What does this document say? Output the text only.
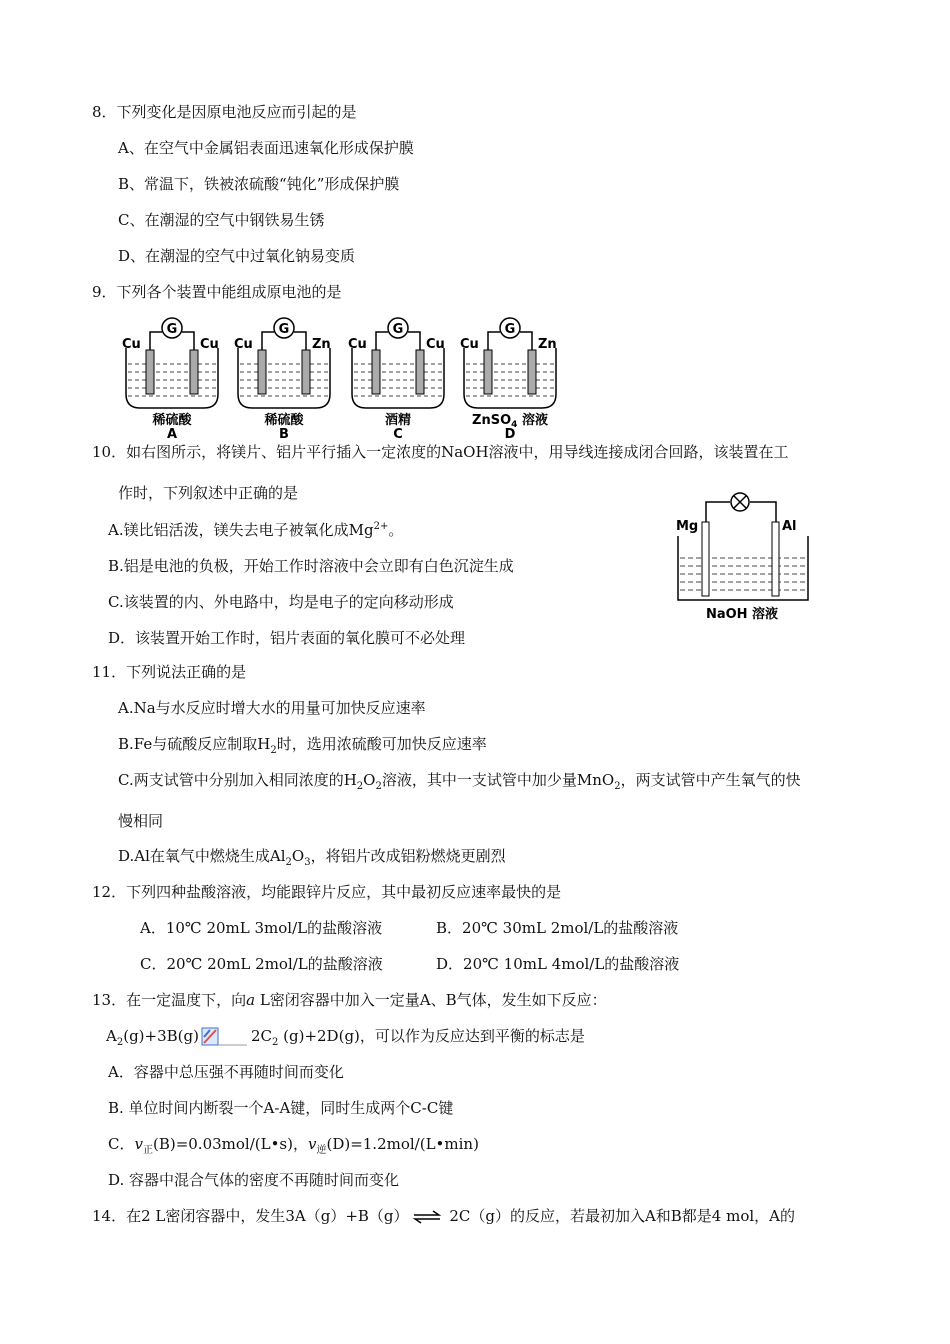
8．下列变化是因原电池反应而引起的是
A、在空气中金属铝表面迅速氧化形成保护膜
B、常温下，铁被浓硫酸“钝化”形成保护膜
C、在潮湿的空气中钢铁易生锈
D、在潮湿的空气中过氧化钠易变质
9．下列各个装置中能组成原电池的是
G
Cu	Cu
稀硫酸
A
G
Cu	Zn
稀硫酸
B
G
Cu	Cu
酒精
C
G
Cu	Zn
ZnSO$_4$ 溶液
D
10．如右图所示，将镁片、铝片平行插入一定浓度的NaOH溶液中，用导线连接成闭合回路，该装置在工
作时，下列叙述中正确的是
A.镁比铝活泼，镁失去电子被氧化成$Mg^{2+}$。
B.铝是电池的负极，开始工作时溶液中会立即有白色沉淀生成
C.该装置的内、外电路中，均是电子的定向移动形成
D．该装置开始工作时，铝片表面的氧化膜可不必处理
Mg	Al
NaOH 溶液
11．下列说法正确的是
A.Na与水反应时增大水的用量可加快反应速率
B.Fe与硫酸反应制取$H_2$时，选用浓硫酸可加快反应速率
C.两支试管中分别加入相同浓度的$H_2O_2$溶液，其中一支试管中加少量MnO$_2$，两支试管中产生氧气的快
慢相同
D.Al在氧气中燃烧生成$Al_2O_3$，将铝片改成铝粉燃烧更剧烈
12．下列四种盐酸溶液，均能跟锌片反应，其中最初反应速率最快的是
A．10℃ 20mL 3mol/L的盐酸溶液	B．20℃ 30mL 2mol/L的盐酸溶液
C．20℃ 20mL 2mol/L的盐酸溶液	D．20℃ 10mL 4mol/L的盐酸溶液
13．在一定温度下，向a L密闭容器中加入一定量A、B气体，发生如下反应：
$A_2(g)+3B(g)$	$2C_2$ (g)+2D(g)，可以作为反应达到平衡的标志是
A．容器中总压强不再随时间而变化
B. 单位时间内断裂一个A-A键，同时生成两个C-C键
C．$v_正(B)=0.03mol/(L•s)$，$v_逆(D)=1.2mol/(L•\min)$
D. 容器中混合气体的密度不再随时间而变化
14．在2 L密闭容器中，发生3A（g）+B（g） ⇌ 2C（g）的反应，若最初加入A和B都是4 mol，A的
